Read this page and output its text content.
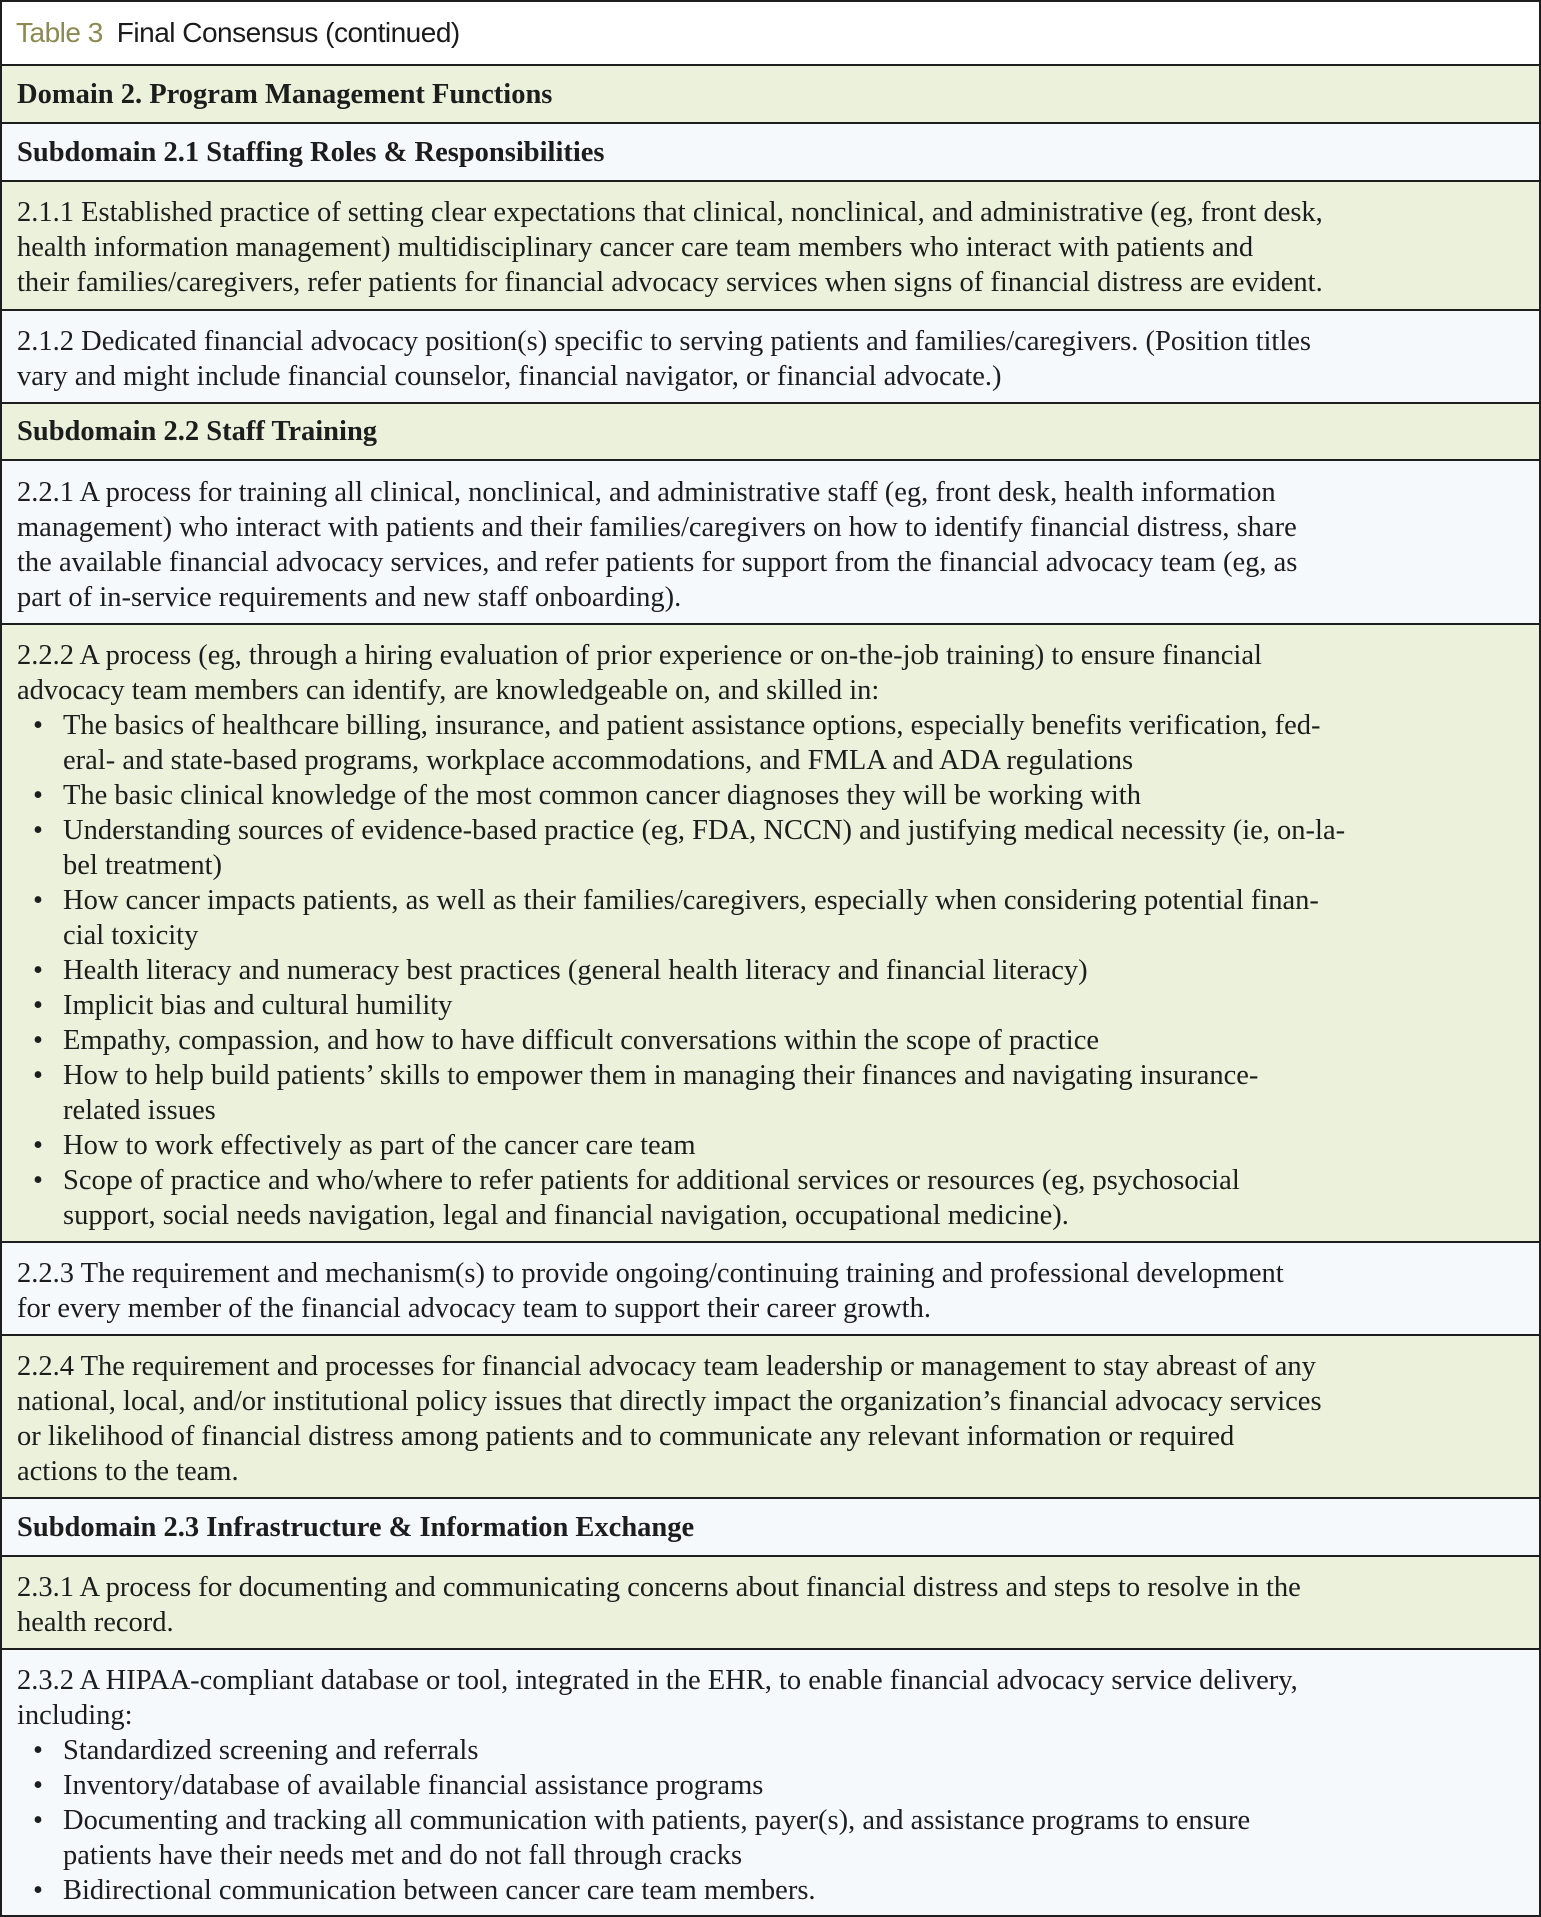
Table 3 Final Consensus (continued)
Domain 2. Program Management Functions
Subdomain 2.1 Staffing Roles & Responsibilities
2.1.1 Established practice of setting clear expectations that clinical, nonclinical, and administrative (eg, front desk,
health information management) multidisciplinary cancer care team members who interact with patients and
their families/caregivers, refer patients for financial advocacy services when signs of financial distress are evident.
2.1.2 Dedicated financial advocacy position(s) specific to serving patients and families/caregivers. (Position titles
vary and might include financial counselor, financial navigator, or financial advocate.)
Subdomain 2.2 Staff Training
2.2.1 A process for training all clinical, nonclinical, and administrative staff (eg, front desk, health information
management) who interact with patients and their families/caregivers on how to identify financial distress, share
the available financial advocacy services, and refer patients for support from the financial advocacy team (eg, as
part of in-service requirements and new staff onboarding).
2.2.2 A process (eg, through a hiring evaluation of prior experience or on-the-job training) to ensure financial
advocacy team members can identify, are knowledgeable on, and skilled in:
• The basics of healthcare billing, insurance, and patient assistance options, especially benefits verification, fed-
eral- and state-based programs, workplace accommodations, and FMLA and ADA regulations
• The basic clinical knowledge of the most common cancer diagnoses they will be working with
• Understanding sources of evidence-based practice (eg, FDA, NCCN) and justifying medical necessity (ie, on-la-
bel treatment)
• How cancer impacts patients, as well as their families/caregivers, especially when considering potential finan-
cial toxicity
• Health literacy and numeracy best practices (general health literacy and financial literacy)
• Implicit bias and cultural humility
• Empathy, compassion, and how to have difficult conversations within the scope of practice
• How to help build patients’ skills to empower them in managing their finances and navigating insurance-
related issues
• How to work effectively as part of the cancer care team
• Scope of practice and who/where to refer patients for additional services or resources (eg, psychosocial
support, social needs navigation, legal and financial navigation, occupational medicine).
2.2.3 The requirement and mechanism(s) to provide ongoing/continuing training and professional development
for every member of the financial advocacy team to support their career growth.
2.2.4 The requirement and processes for financial advocacy team leadership or management to stay abreast of any
national, local, and/or institutional policy issues that directly impact the organization’s financial advocacy services
or likelihood of financial distress among patients and to communicate any relevant information or required
actions to the team.
Subdomain 2.3 Infrastructure & Information Exchange
2.3.1 A process for documenting and communicating concerns about financial distress and steps to resolve in the
health record.
2.3.2 A HIPAA-compliant database or tool, integrated in the EHR, to enable financial advocacy service delivery,
including:
• Standardized screening and referrals
• Inventory/database of available financial assistance programs
• Documenting and tracking all communication with patients, payer(s), and assistance programs to ensure
patients have their needs met and do not fall through cracks
• Bidirectional communication between cancer care team members.
